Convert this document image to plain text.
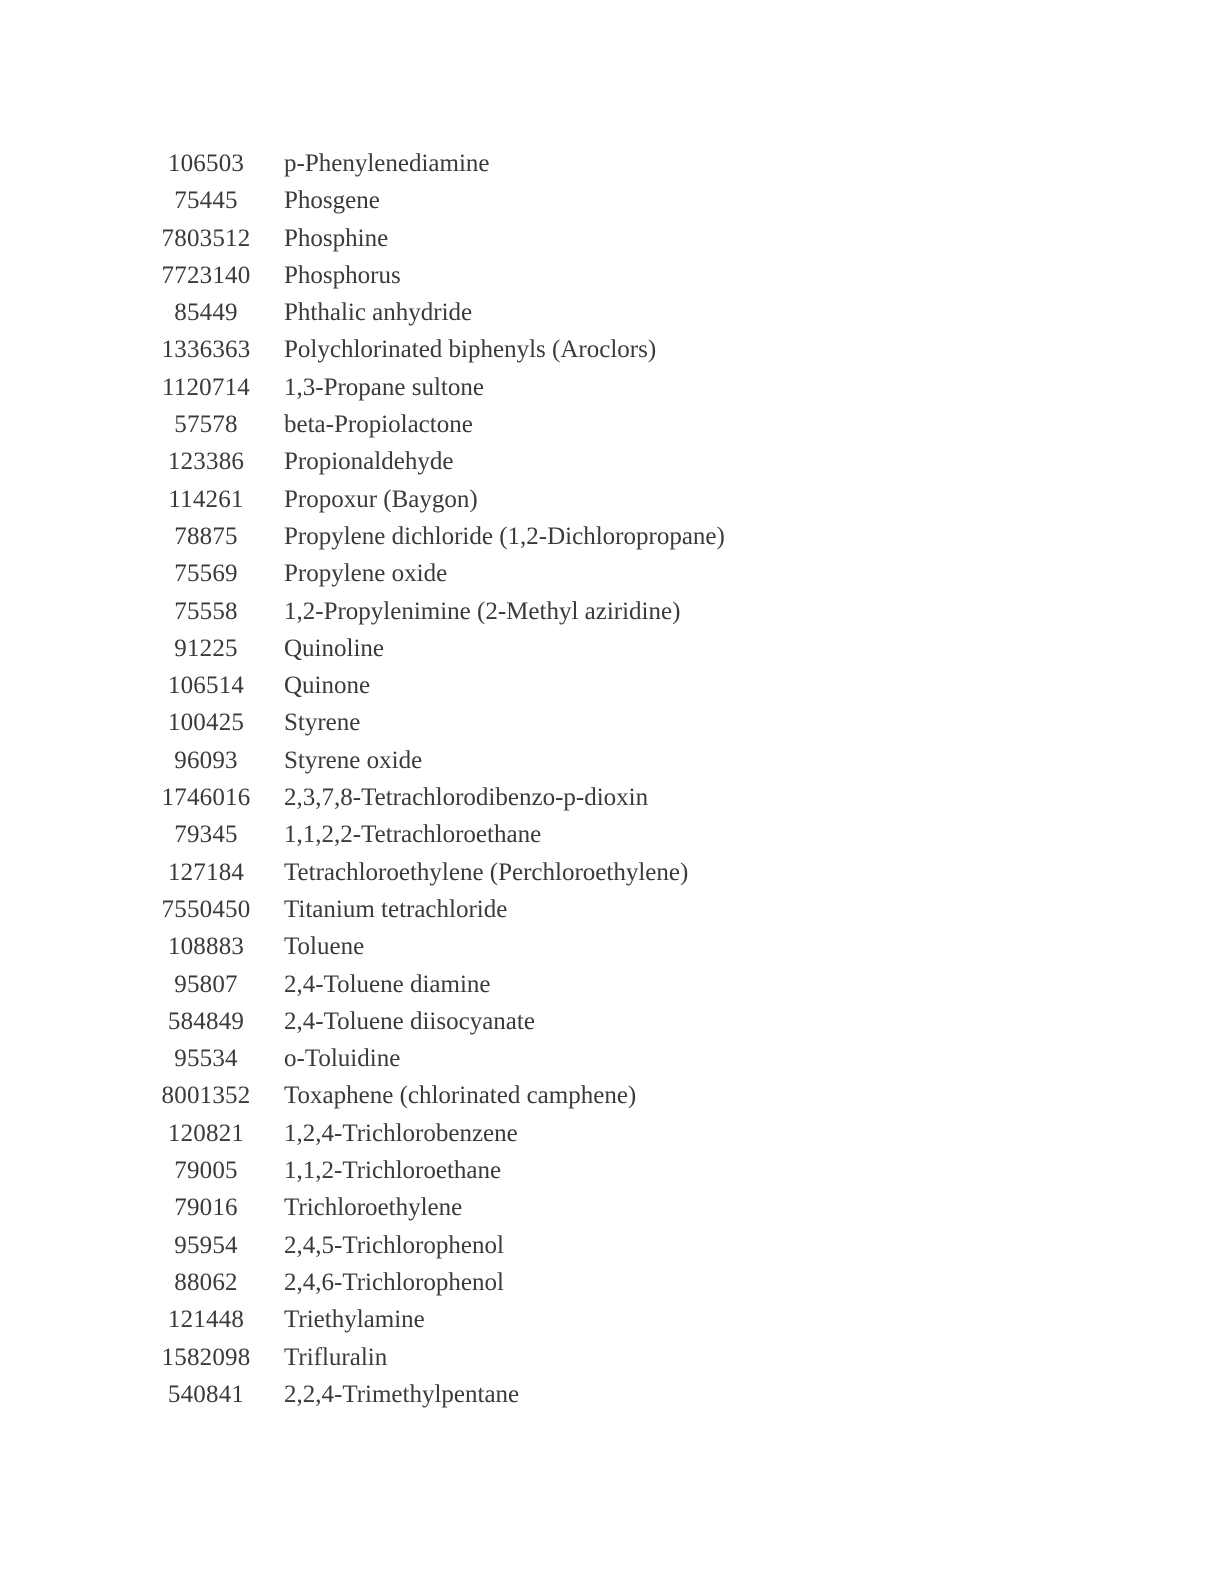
106503	p-Phenylenediamine
75445	Phosgene
7803512	Phosphine
7723140	Phosphorus
85449	Phthalic anhydride
1336363	Polychlorinated biphenyls (Aroclors)
1120714	1,3-Propane sultone
57578	beta-Propiolactone
123386	Propionaldehyde
114261	Propoxur (Baygon)
78875	Propylene dichloride (1,2-Dichloropropane)
75569	Propylene oxide
75558	1,2-Propylenimine (2-Methyl aziridine)
91225	Quinoline
106514	Quinone
100425	Styrene
96093	Styrene oxide
1746016	2,3,7,8-Tetrachlorodibenzo-p-dioxin
79345	1,1,2,2-Tetrachloroethane
127184	Tetrachloroethylene (Perchloroethylene)
7550450	Titanium tetrachloride
108883	Toluene
95807	2,4-Toluene diamine
584849	2,4-Toluene diisocyanate
95534	o-Toluidine
8001352	Toxaphene (chlorinated camphene)
120821	1,2,4-Trichlorobenzene
79005	1,1,2-Trichloroethane
79016	Trichloroethylene
95954	2,4,5-Trichlorophenol
88062	2,4,6-Trichlorophenol
121448	Triethylamine
1582098	Trifluralin
540841	2,2,4-Trimethylpentane
